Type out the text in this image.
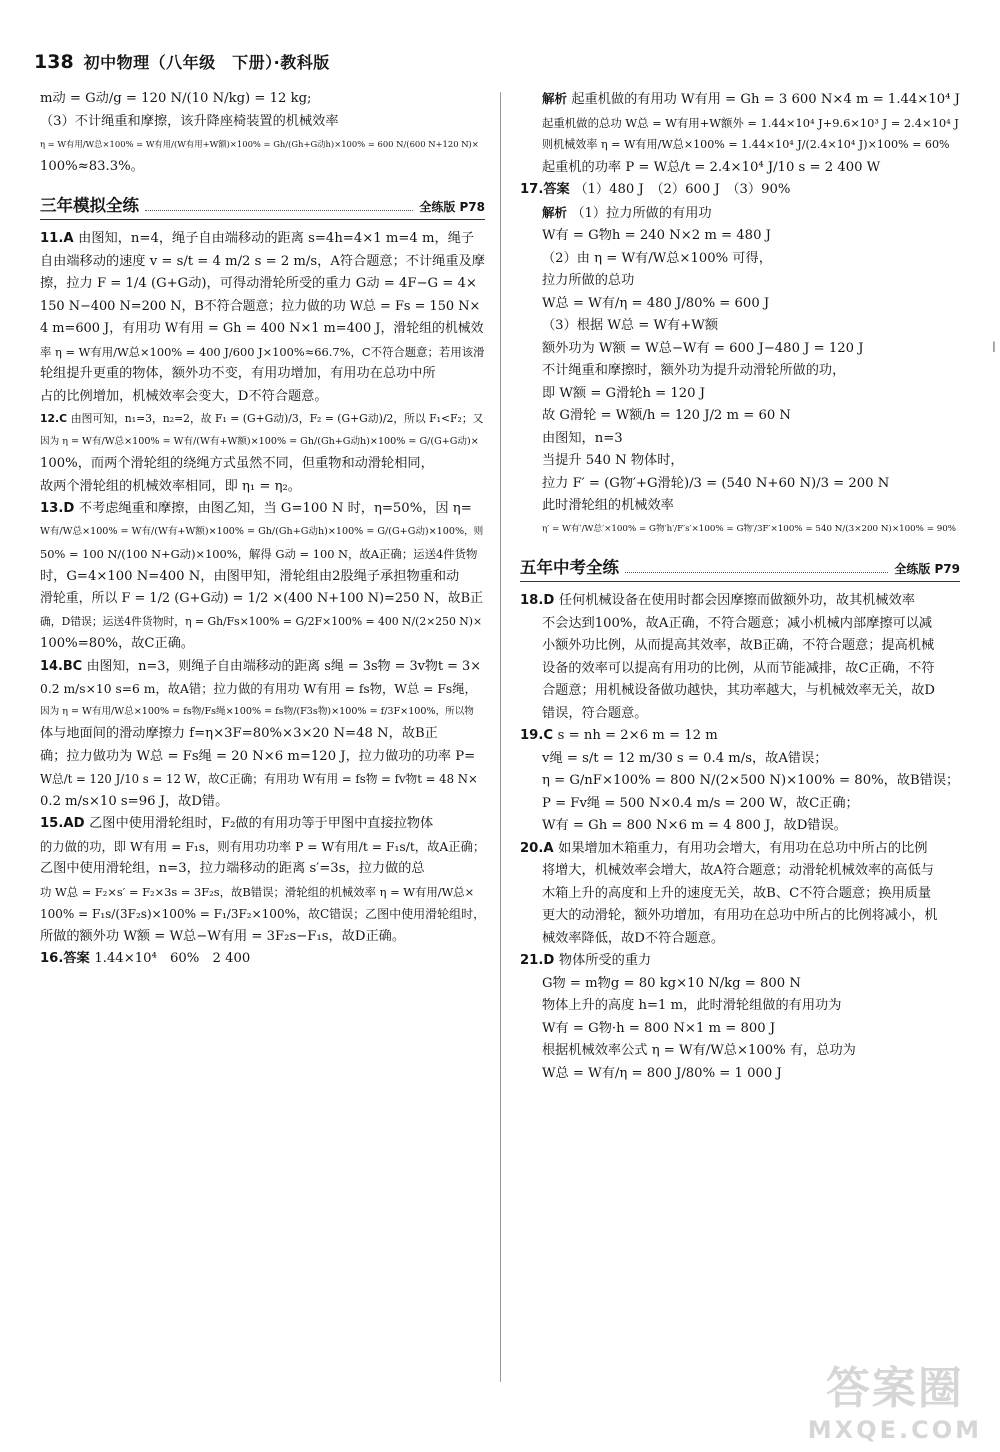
138 初中物理（八年级　下册）·教科版
m动 = G动/g = 120 N/(10 N/kg) = 12 kg;
（3）不计绳重和摩擦，该升降座椅装置的机械效率
η = W有用/W总×100% = W有用/(W有用+W额)×100% = Gh/(Gh+G动h)×100% = 600 N/(600 N+120 N)×
100%≈83.3%。
三年模拟全练	全练版 P78
11.A 由图知，n=4，绳子自由端移动的距离 s=4h=4×1 m=4 m，绳子
自由端移动的速度 v = s/t = 4 m/2 s = 2 m/s，A符合题意；不计绳重及摩
擦，拉力 F = 1/4 (G+G动)，可得动滑轮所受的重力 G动 = 4F−G = 4×
150 N−400 N=200 N，B不符合题意；拉力做的功 W总 = Fs = 150 N×
4 m=600 J，有用功 W有用 = Gh = 400 N×1 m=400 J，滑轮组的机械效
率 η = W有用/W总×100% = 400 J/600 J×100%≈66.7%，C不符合题意；若用该滑
轮组提升更重的物体，额外功不变，有用功增加，有用功在总功中所
占的比例增加，机械效率会变大，D不符合题意。
12.C 由图可知，n₁=3，n₂=2，故 F₁ = (G+G动)/3，F₂ = (G+G动)/2，所以 F₁<F₂；又
因为 η = W有/W总×100% = W有/(W有+W额)×100% = Gh/(Gh+G动h)×100% = G/(G+G动)×
100%，而两个滑轮组的绕绳方式虽然不同，但重物和动滑轮相同，
故两个滑轮组的机械效率相同，即 η₁ = η₂。
13.D 不考虑绳重和摩擦，由图乙知，当 G=100 N 时，η=50%，因 η=
W有/W总×100% = W有/(W有+W额)×100% = Gh/(Gh+G动h)×100% = G/(G+G动)×100%，则
50% = 100 N/(100 N+G动)×100%，解得 G动 = 100 N，故A正确；运送4件货物
时，G=4×100 N=400 N，由图甲知，滑轮组由2股绳子承担物重和动
滑轮重，所以 F = 1/2 (G+G动) = 1/2 ×(400 N+100 N)=250 N，故B正
确，D错误；运送4件货物时，η = Gh/Fs×100% = G/2F×100% = 400 N/(2×250 N)×
100%=80%，故C正确。
14.BC 由图知，n=3，则绳子自由端移动的距离 s绳 = 3s物 = 3v物t = 3×
0.2 m/s×10 s=6 m，故A错；拉力做的有用功 W有用 = fs物，W总 = Fs绳，
因为 η = W有用/W总×100% = fs物/Fs绳×100% = fs物/(F3s物)×100% = f/3F×100%，所以物
体与地面间的滑动摩擦力 f=η×3F=80%×3×20 N=48 N，故B正
确；拉力做功为 W总 = Fs绳 = 20 N×6 m=120 J，拉力做功的功率 P=
W总/t = 120 J/10 s = 12 W，故C正确；有用功 W有用 = fs物 = fv物t = 48 N×
0.2 m/s×10 s=96 J，故D错。
15.AD 乙图中使用滑轮组时，F₂做的有用功等于甲图中直接拉物体
的力做的功，即 W有用 = F₁s，则有用功功率 P = W有用/t = F₁s/t，故A正确；
乙图中使用滑轮组，n=3，拉力端移动的距离 s′=3s，拉力做的总
功 W总 = F₂×s′ = F₂×3s = 3F₂s，故B错误；滑轮组的机械效率 η = W有用/W总×
100% = F₁s/(3F₂s)×100% = F₁/3F₂×100%，故C错误；乙图中使用滑轮组时，
所做的额外功 W额 = W总−W有用 = 3F₂s−F₁s，故D正确。
16.答案 1.44×10⁴　60%　2 400
解析 起重机做的有用功 W有用 = Gh = 3 600 N×4 m = 1.44×10⁴ J
起重机做的总功 W总 = W有用+W额外 = 1.44×10⁴ J+9.6×10³ J = 2.4×10⁴ J
则机械效率 η = W有用/W总×100% = 1.44×10⁴ J/(2.4×10⁴ J)×100% = 60%
起重机的功率 P = W总/t = 2.4×10⁴ J/10 s = 2 400 W
17.答案 （1）480 J　（2）600 J　（3）90%
解析 （1）拉力所做的有用功
W有 = G物h = 240 N×2 m = 480 J
（2）由 η = W有/W总×100% 可得，
拉力所做的总功
W总 = W有/η = 480 J/80% = 600 J
（3）根据 W总 = W有+W额
额外功为 W额 = W总−W有 = 600 J−480 J = 120 J
不计绳重和摩擦时，额外功为提升动滑轮所做的功，
即 W额 = G滑轮h = 120 J
故 G滑轮 = W额/h = 120 J/2 m = 60 N
由图知，n=3
当提升 540 N 物体时，
拉力 F′ = (G物′+G滑轮)/3 = (540 N+60 N)/3 = 200 N
此时滑轮组的机械效率
η′ = W有′/W总′×100% = G物′h′/F′s′×100% = G物′/3F′×100% = 540 N/(3×200 N)×100% = 90%
五年中考全练	全练版 P79
18.D 任何机械设备在使用时都会因摩擦而做额外功，故其机械效率
不会达到100%，故A正确，不符合题意；减小机械内部摩擦可以减
小额外功比例，从而提高其效率，故B正确，不符合题意；提高机械
设备的效率可以提高有用功的比例，从而节能减排，故C正确，不符
合题意；用机械设备做功越快，其功率越大，与机械效率无关，故D
错误，符合题意。
19.C s = nh = 2×6 m = 12 m
v绳 = s/t = 12 m/30 s = 0.4 m/s，故A错误；
η = G/nF×100% = 800 N/(2×500 N)×100% = 80%，故B错误；
P = Fv绳 = 500 N×0.4 m/s = 200 W，故C正确；
W有 = Gh = 800 N×6 m = 4 800 J，故D错误。
20.A 如果增加木箱重力，有用功会增大，有用功在总功中所占的比例
将增大，机械效率会增大，故A符合题意；动滑轮机械效率的高低与
木箱上升的高度和上升的速度无关，故B、C不符合题意；换用质量
更大的动滑轮，额外功增加，有用功在总功中所占的比例将减小，机
械效率降低，故D不符合题意。
21.D 物体所受的重力
G物 = m物g = 80 kg×10 N/kg = 800 N
物体上升的高度 h=1 m，此时滑轮组做的有用功为
W有 = G物·h = 800 N×1 m = 800 J
根据机械效率公式 η = W有/W总×100% 有，总功为
W总 = W有/η = 800 J/80% = 1 000 J
ǀ
答案圈
MXQE.COM
